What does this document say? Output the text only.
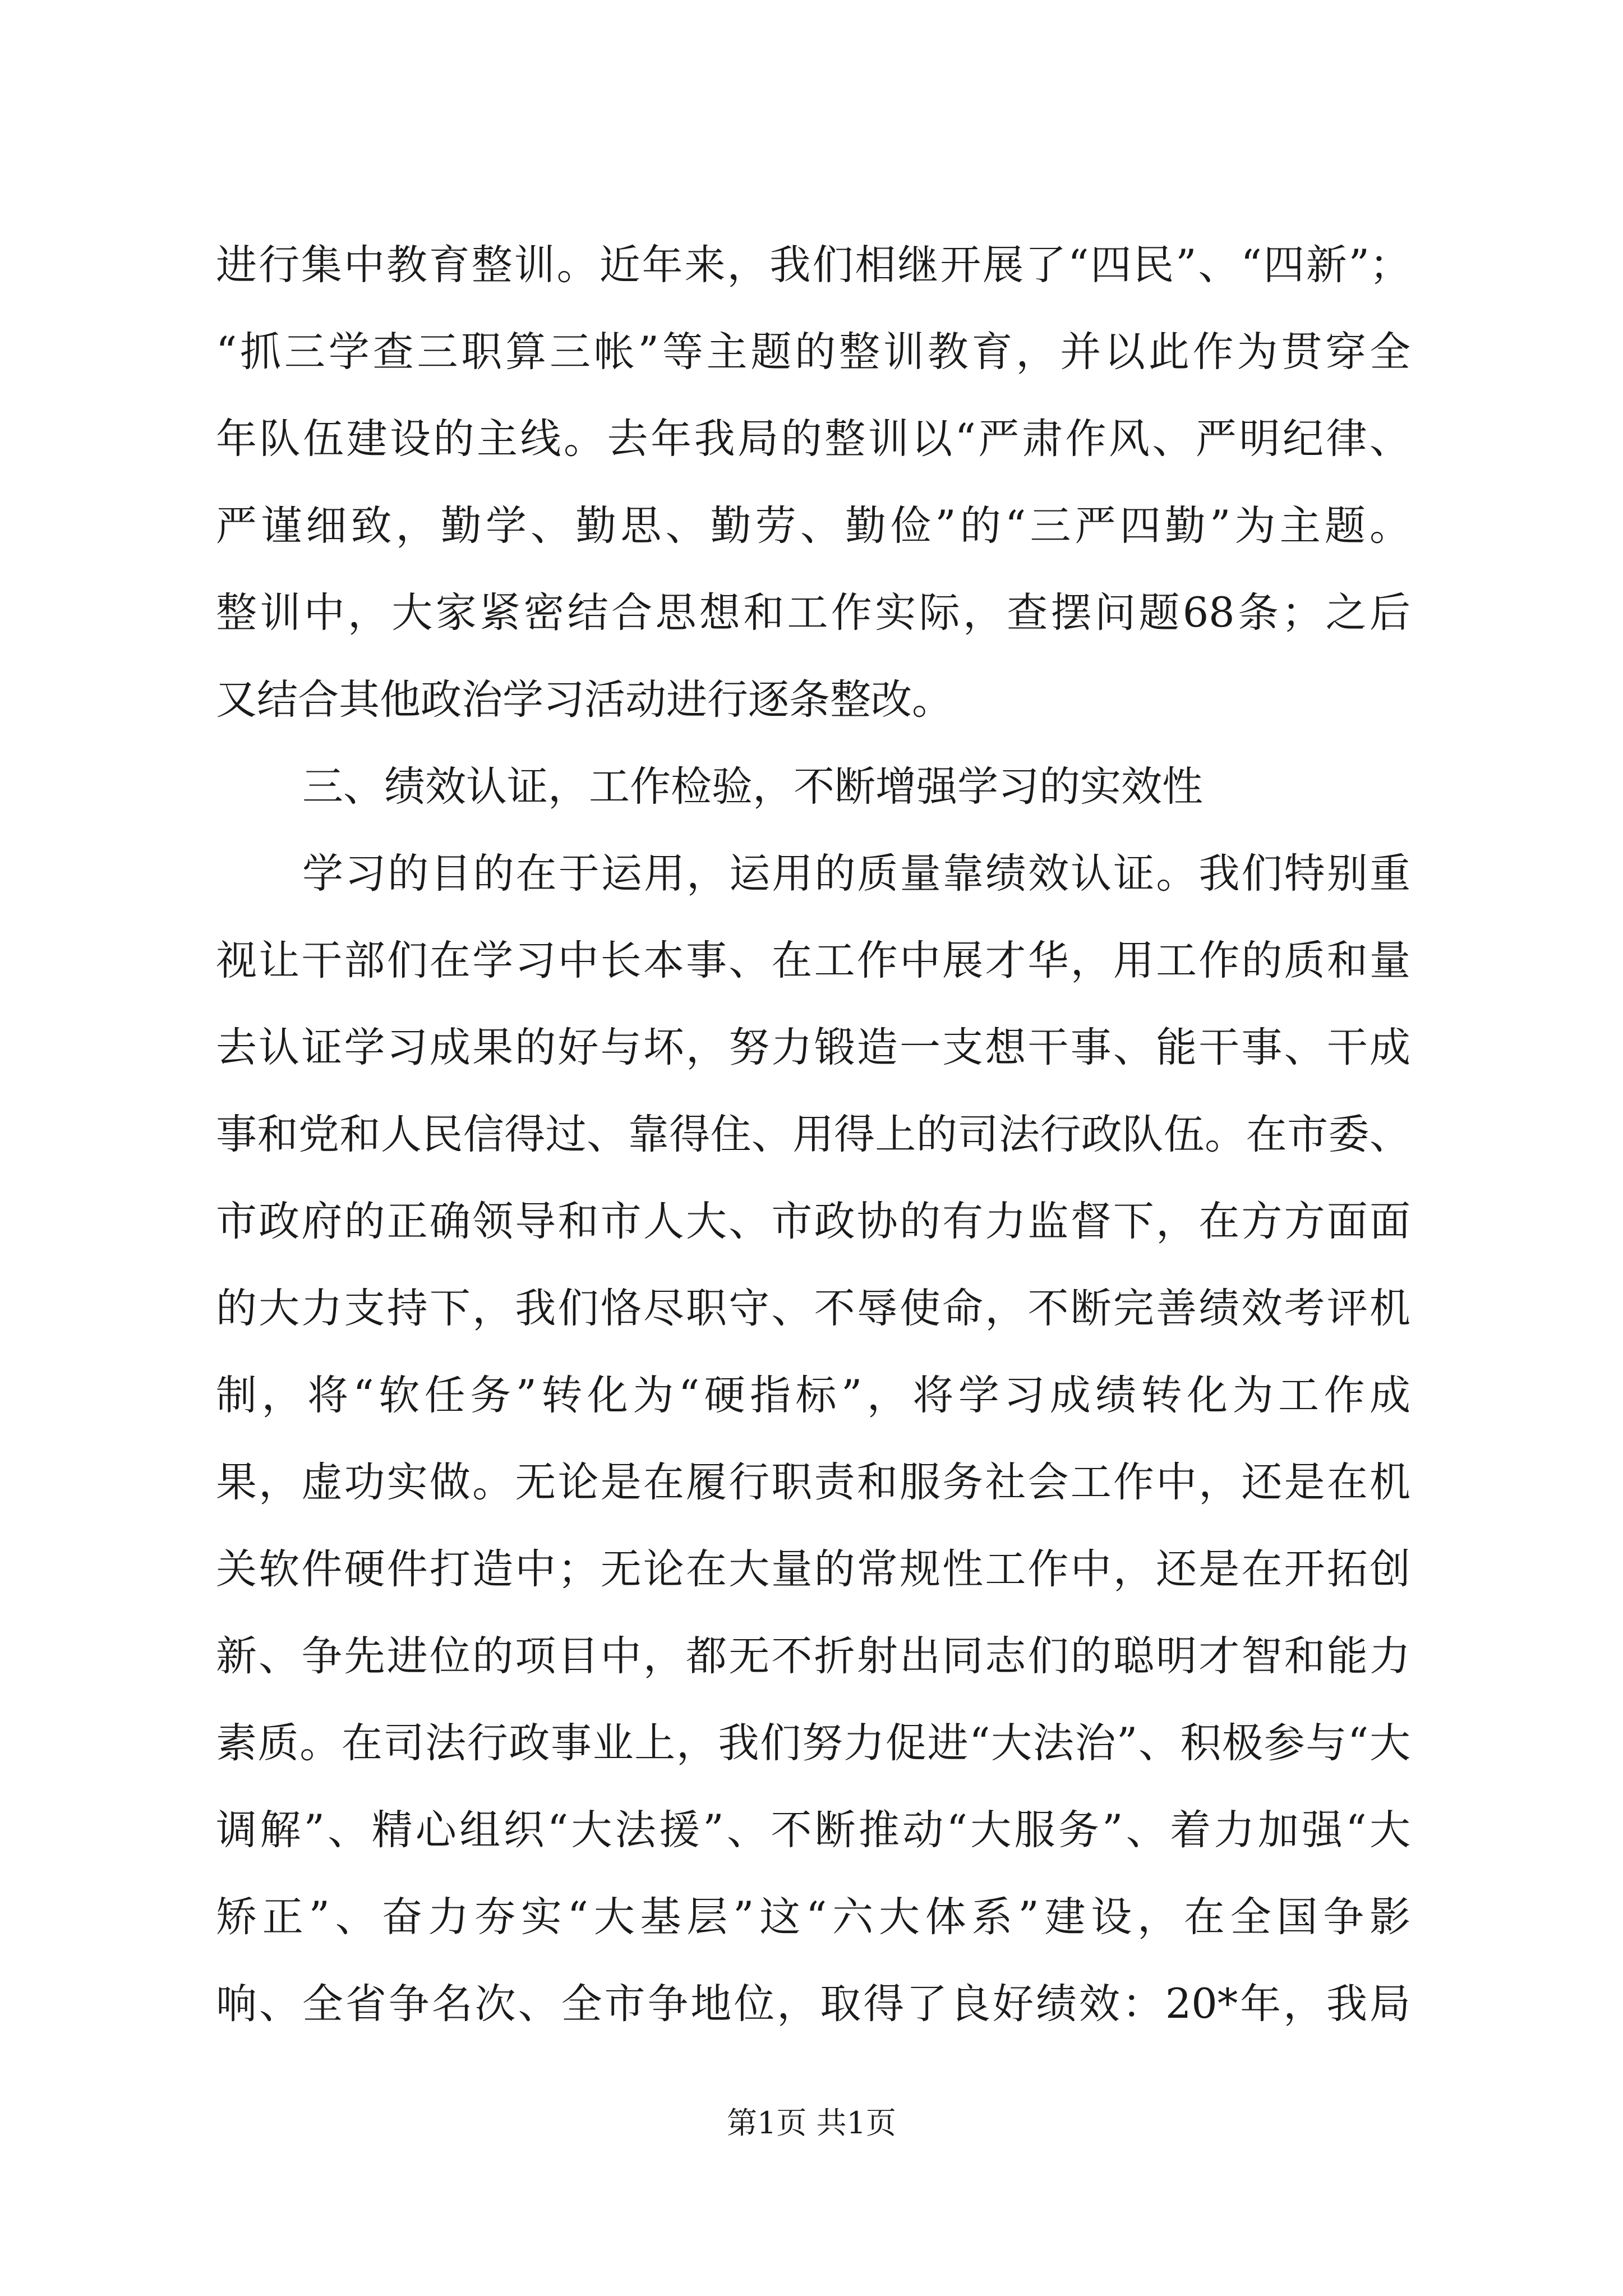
进行集中教育整训。近年来，我们相继开展了“四民”、“四新”；
“抓三学查三职算三帐”等主题的整训教育，并以此作为贯穿全
年队伍建设的主线。去年我局的整训以“严肃作风、严明纪律、
严谨细致，勤学、勤思、勤劳、勤俭”的“三严四勤”为主题。
整训中，大家紧密结合思想和工作实际，查摆问题68条；之后
又结合其他政治学习活动进行逐条整改。
三、绩效认证，工作检验，不断增强学习的实效性
学习的目的在于运用，运用的质量靠绩效认证。我们特别重
视让干部们在学习中长本事、在工作中展才华，用工作的质和量
去认证学习成果的好与坏，努力锻造一支想干事、能干事、干成
事和党和人民信得过、靠得住、用得上的司法行政队伍。在市委、
市政府的正确领导和市人大、市政协的有力监督下，在方方面面
的大力支持下，我们恪尽职守、不辱使命，不断完善绩效考评机
制，将“软任务”转化为“硬指标”，将学习成绩转化为工作成
果，虚功实做。无论是在履行职责和服务社会工作中，还是在机
关软件硬件打造中；无论在大量的常规性工作中，还是在开拓创
新、争先进位的项目中，都无不折射出同志们的聪明才智和能力
素质。在司法行政事业上，我们努力促进“大法治”、积极参与“大
调解”、精心组织“大法援”、不断推动“大服务”、着力加强“大
矫正”、奋力夯实“大基层”这“六大体系”建设，在全国争影
响、全省争名次、全市争地位，取得了良好绩效：20*年，我局
第1页 共1页
